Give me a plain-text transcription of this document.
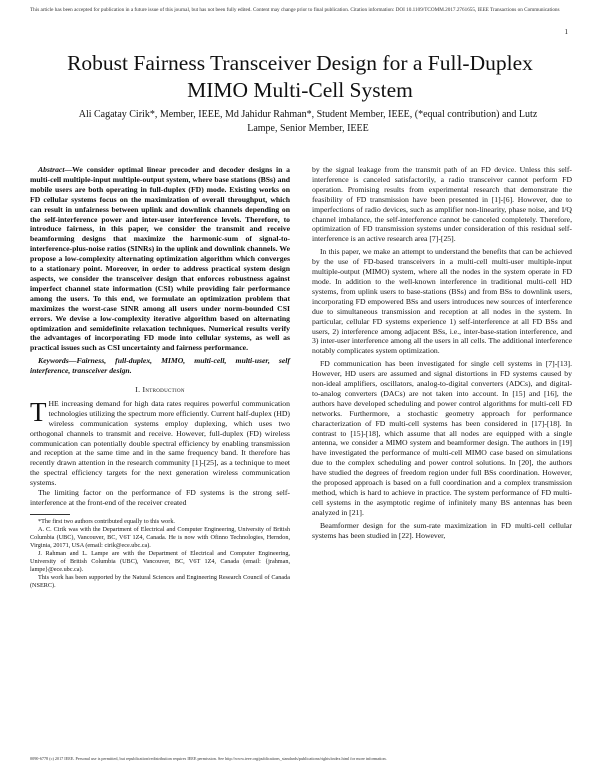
This article has been accepted for publication in a future issue of this journal, but has not been fully edited. Content may change prior to final publication. Citation information: DOI 10.1109/TCOMM.2017.2761655, IEEE Transactions on Communications
1
Robust Fairness Transceiver Design for a Full-Duplex MIMO Multi-Cell System
Ali Cagatay Cirik*, Member, IEEE, Md Jahidur Rahman*, Student Member, IEEE, (*equal contribution) and Lutz Lampe, Senior Member, IEEE

Abstract—We consider optimal linear precoder and decoder designs in a multi-cell multiple-input multiple-output system, where base stations (BSs) and mobile users are both operating in full-duplex (FD) mode. Existing works on FD cellular systems focus on the maximization of overall throughput, which can result in unfairness between uplink and downlink channels depending on the self-interference power and inter-user interference levels. Therefore, to introduce fairness, in this paper, we consider the transmit and receive beamforming designs that maximize the harmonic-sum of signal-to-interference-plus-noise ratios (SINRs) in the uplink and downlink channels. We propose a low-complexity alternating optimization algorithm which converges to a stationary point. Moreover, in order to address practical system design aspects, we consider the transceiver design that enforces robustness against imperfect channel state information (CSI) while providing fair performance among the users. To this end, we formulate an optimization problem that maximizes the worst-case SINR among all users under norm-bounded CSI errors. We devise a low-complexity iterative algorithm based on alternating optimization and semidefinite relaxation techniques. Numerical results verify the advantages of incorporating FD mode into cellular systems, as well as practical issues such as CSI uncertainty and fairness performance.

Keywords—Fairness, full-duplex, MIMO, multi-cell, multi-user, self interference, transceiver design.

I. Introduction

THE increasing demand for high data rates requires powerful communication technologies utilizing the spectrum more efficiently. Current half-duplex (HD) wireless communication systems employ duplexing, which uses two orthogonal channels to transmit and receive. However, full-duplex (FD) wireless communication can potentially double spectral efficiency by enabling transmission and reception at the same time and in the same frequency band. It therefore has recently drawn attention in the research community [1]-[25], as a technique to meet the spectral efficiency targets for the next generation wireless communication systems.

The limiting factor on the performance of FD systems is the strong self-interference at the front-end of the receiver created

*The first two authors contributed equally to this work.

A. C. Cirik was with the Department of Electrical and Computer Engineering, University of British Columbia (UBC), Vancouver, BC, V6T 1Z4, Canada. He is now with Ofinno Technologies, Herndon, Virginia, 20171, USA (email: cirik@ece.ubc.ca).

J. Rahman and L. Lampe are with the Department of Electrical and Computer Engineering, University of British Columbia (UBC), Vancouver, BC, V6T 1Z4, Canada (email: {jrahman, lampe}@ece.ubc.ca).

This work has been supported by the Natural Sciences and Engineering Research Council of Canada (NSERC).

by the signal leakage from the transmit path of an FD device. Unless this self-interference is canceled satisfactorily, a radio transceiver cannot perform FD operation. Promising results from experimental research that demonstrate the feasibility of FD transmission have been presented in [1]-[6]. However, due to imperfections of radio devices, such as amplifier non-linearity, phase noise, and I/Q channel imbalance, the self-interference cannot be canceled completely. Therefore, optimization of FD transmission systems under consideration of this residual self-interference is an active research area [7]-[25].

In this paper, we make an attempt to understand the benefits that can be achieved by the use of FD-based transceivers in a multi-cell multi-user multiple-input multiple-output (MIMO) system, where all the nodes in the system operate in FD mode. In addition to the well-known interference in traditional multi-cell HD systems, from uplink users to base-stations (BSs) and from BSs to downlink users, incorporating FD empowered BSs and users introduces new sources of interference due to simultaneous transmission and reception at all nodes in the system. In particular, cellular FD systems experience 1) self-interference at all FD BSs and users, 2) interference among adjacent BSs, i.e., inter-base-station interference, and 3) inter-user interference among all the users in all cells. The additional interference notably complicates system optimization.

FD communication has been investigated for single cell systems in [7]-[13]. However, HD users are assumed and signal distortions in FD systems caused by non-ideal amplifiers, oscillators, analog-to-digital converters (ADCs), and digital-to-analog converters (DACs) are not taken into account. In [15] and [16], the authors have developed scheduling and power control algorithms for multi-cell FD networks. Furthermore, a stochastic geometry approach for performance characterization of FD multi-cell systems has been considered in [17]-[18]. In contrast to [15]-[18], which assume that all nodes are equipped with a single antenna, we consider a MIMO system and beamformer design. The authors in [19] have investigated the performance of multi-cell MIMO case based on simulations due to the complex scheduling and power control solutions. In [20], the authors have studied the degrees of freedom region under full BSs coordination. However, the proposed approach is based on a full coordination and a complex transmission method, which is hard to achieve in practice. The system performance of FD multi-cell systems in the asymptotic regime of infinitely many BS antennas has been analyzed in [21].

Beamformer design for the sum-rate maximization in FD multi-cell cellular systems has been studied in [22]. However,

0090-6778 (c) 2017 IEEE. Personal use is permitted, but republication/redistribution requires IEEE permission. See http://www.ieee.org/publications_standards/publications/rights/index.html for more information.
